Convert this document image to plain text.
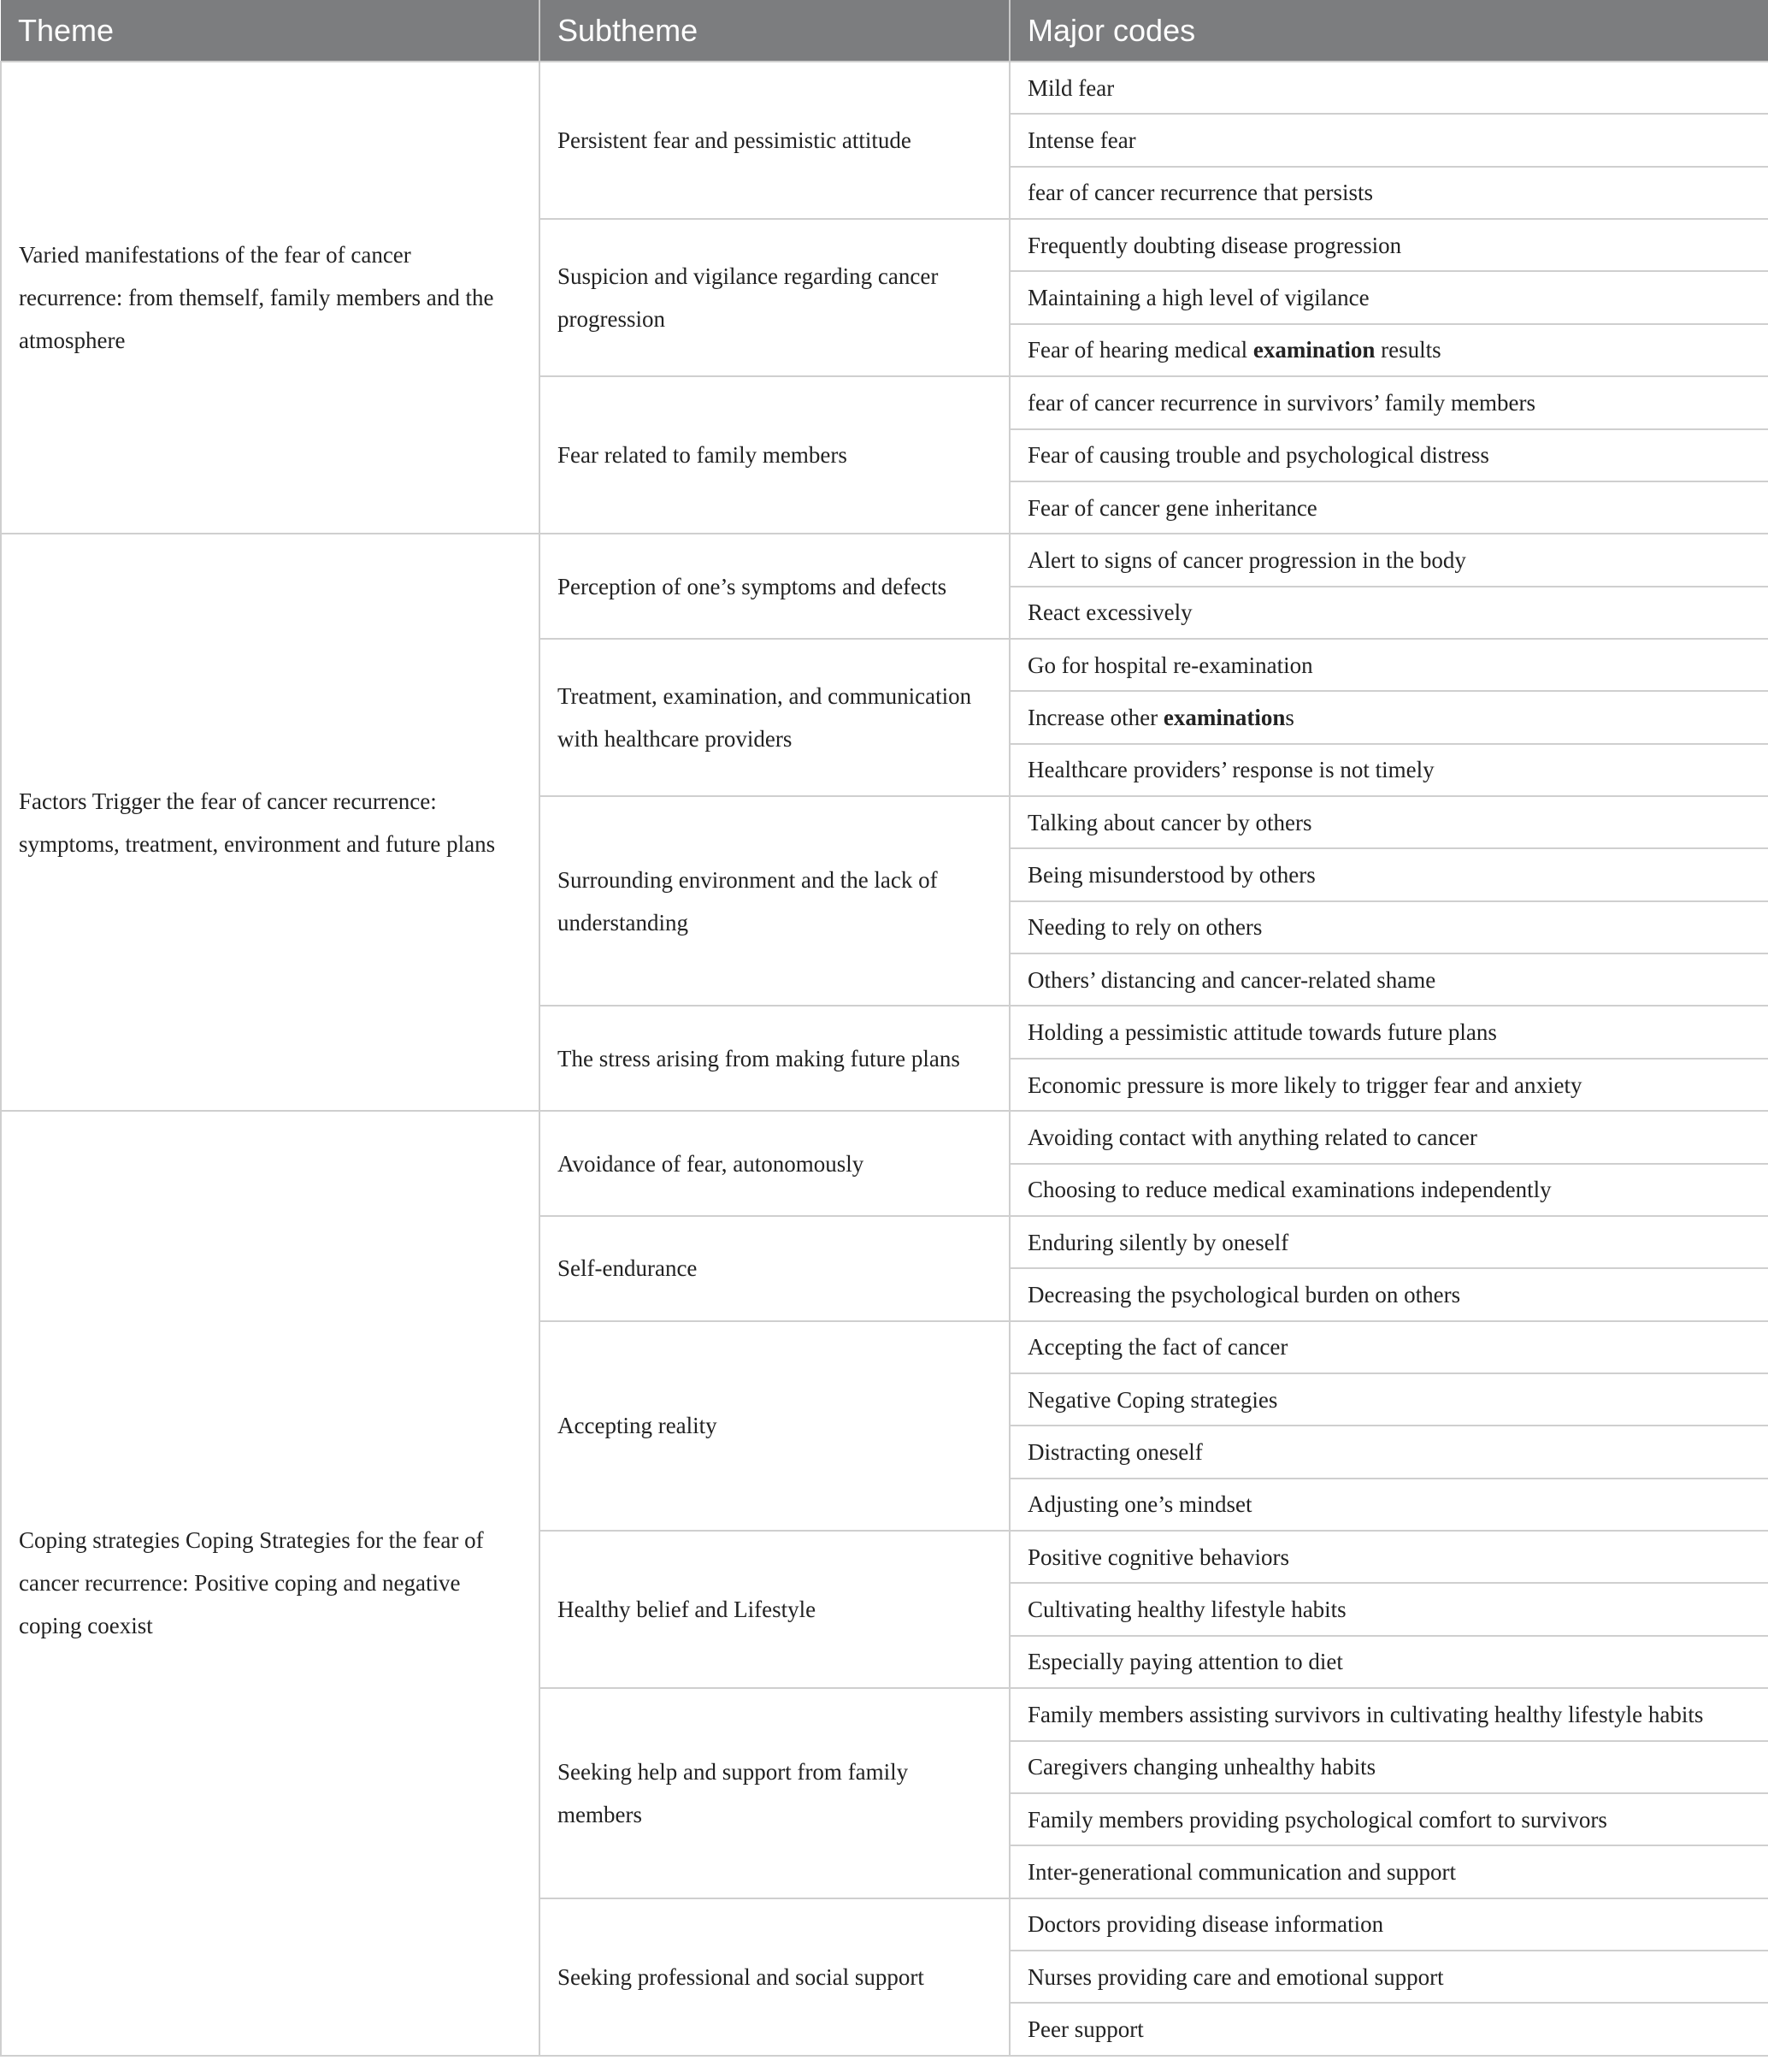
Theme	Subtheme	Major codes
Varied manifestations of the fear of cancer recurrence: from themself, family members and the atmosphere	Persistent fear and pessimistic attitude	Mild fear
		Intense fear
		fear of cancer recurrence that persists
	Suspicion and vigilance regarding cancer progression	Frequently doubting disease progression
		Maintaining a high level of vigilance
		Fear of hearing medical examination results
	Fear related to family members	fear of cancer recurrence in survivors’ family members
		Fear of causing trouble and psychological distress
		Fear of cancer gene inheritance
Factors Trigger the fear of cancer recurrence: symptoms, treatment, environment and future plans	Perception of one’s symptoms and defects	Alert to signs of cancer progression in the body
		React excessively
	Treatment, examination, and communication with healthcare providers	Go for hospital re-examination
		Increase other examinations
		Healthcare providers’ response is not timely
	Surrounding environment and the lack of understanding	Talking about cancer by others
		Being misunderstood by others
		Needing to rely on others
		Others’ distancing and cancer-related shame
	The stress arising from making future plans	Holding a pessimistic attitude towards future plans
		Economic pressure is more likely to trigger fear and anxiety
Coping strategies Coping Strategies for the fear of cancer recurrence: Positive coping and negative coping coexist	Avoidance of fear, autonomously	Avoiding contact with anything related to cancer
		Choosing to reduce medical examinations independently
	Self-endurance	Enduring silently by oneself
		Decreasing the psychological burden on others
	Accepting reality	Accepting the fact of cancer
		Negative Coping strategies
		Distracting oneself
		Adjusting one’s mindset
	Healthy belief and Lifestyle	Positive cognitive behaviors
		Cultivating healthy lifestyle habits
		Especially paying attention to diet
	Seeking help and support from family members	Family members assisting survivors in cultivating healthy lifestyle habits
		Caregivers changing unhealthy habits
		Family members providing psychological comfort to survivors
		Inter-generational communication and support
	Seeking professional and social support	Doctors providing disease information
		Nurses providing care and emotional support
		Peer support
